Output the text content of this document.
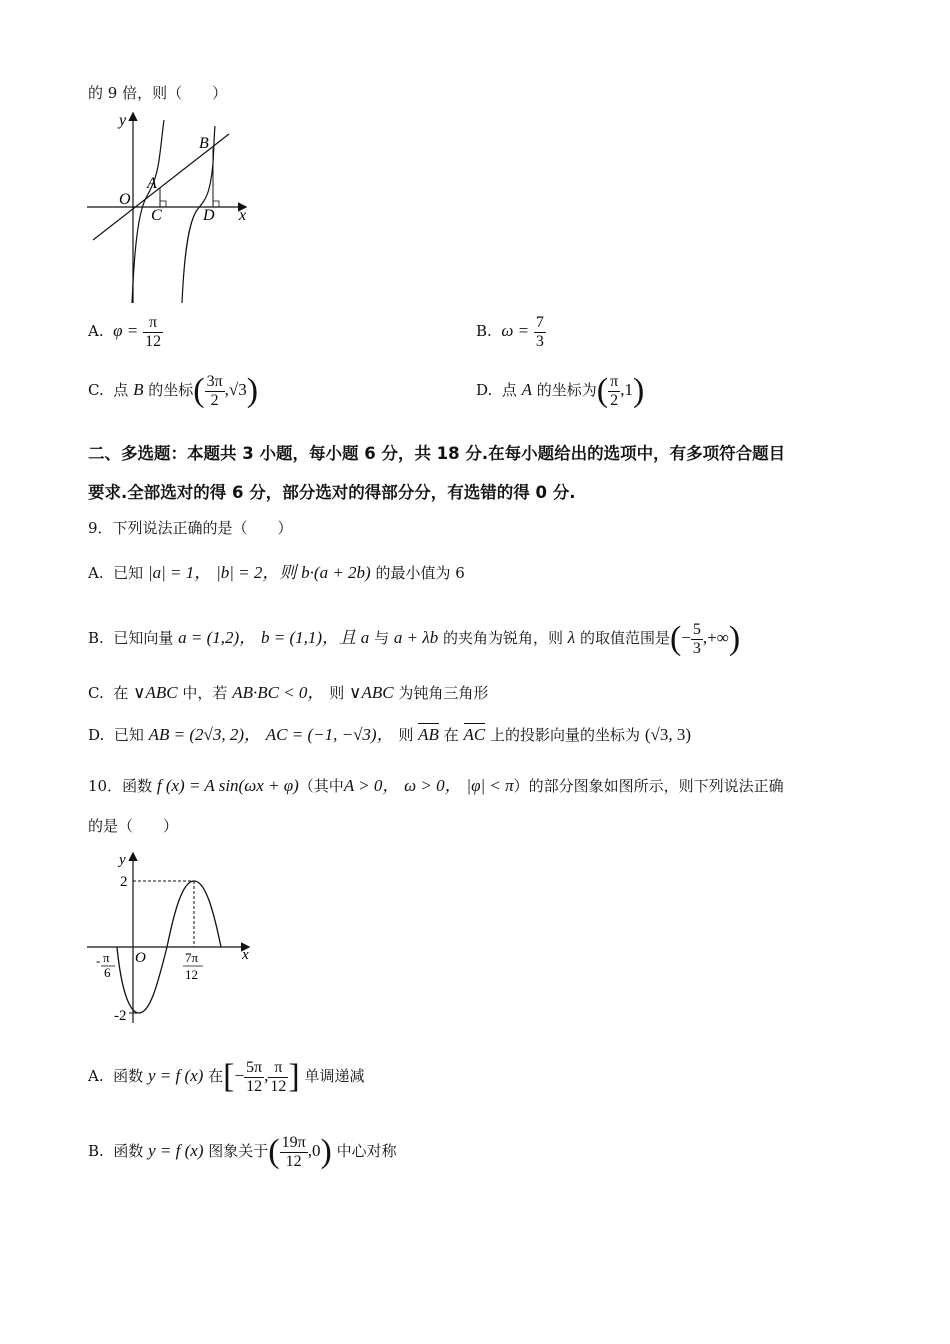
的 9 倍，则（　　）
y
x
O
A
B
C	D
A. $\varphi = \frac{\pi}{12}$	B. $\omega = \frac{7}{3}$
C. 点 B 的坐标( $\frac{3\pi}{2} ,√3$)	D. 点 A 的坐标为( $\frac{\pi}{2} ,1$)
二、多选题：本题共 3 小题，每小题 6 分，共 18 分.在每小题给出的选项中，有多项符合题目
要求.全部选对的得 6 分，部分选对的得部分分，有选错的得 0 分.
9．下列说法正确的是（　　）
A. 已知 |a| = 1， |b| = 2，则 b·(a + 2b) 的最小值为 6
B. 已知向量 a = (1,2)， b = (1,1)，且 a 与 a + λb 的夹角为锐角，则 λ 的取值范围是(− $\frac{5}{3}$ ,+∞)
C. 在 ∨ABC 中，若 AB·BC < 0， 则 ∨ABC 为钝角三角形
D. 已知 AB = (2√3, 2)， AC = (−1, −√3)， 则 AB 在 AC 上的投影向量的坐标为 (√3, 3)
10．函数 f (x) = A sin(ωx + φ)（其中A > 0， ω > 0， |φ| < π）的部分图象如图所示，则下列说法正确
的是（　　）
y
x
O
2
-2
- π
6
7π
12
A. 函数 y = f (x) 在[− $\frac{5\pi}{12}$ , $\frac{\pi}{12}$ ] 单调递减
B. 函数 y = f (x) 图象关于( $\frac{19\pi}{12} ,0$) 中心对称
